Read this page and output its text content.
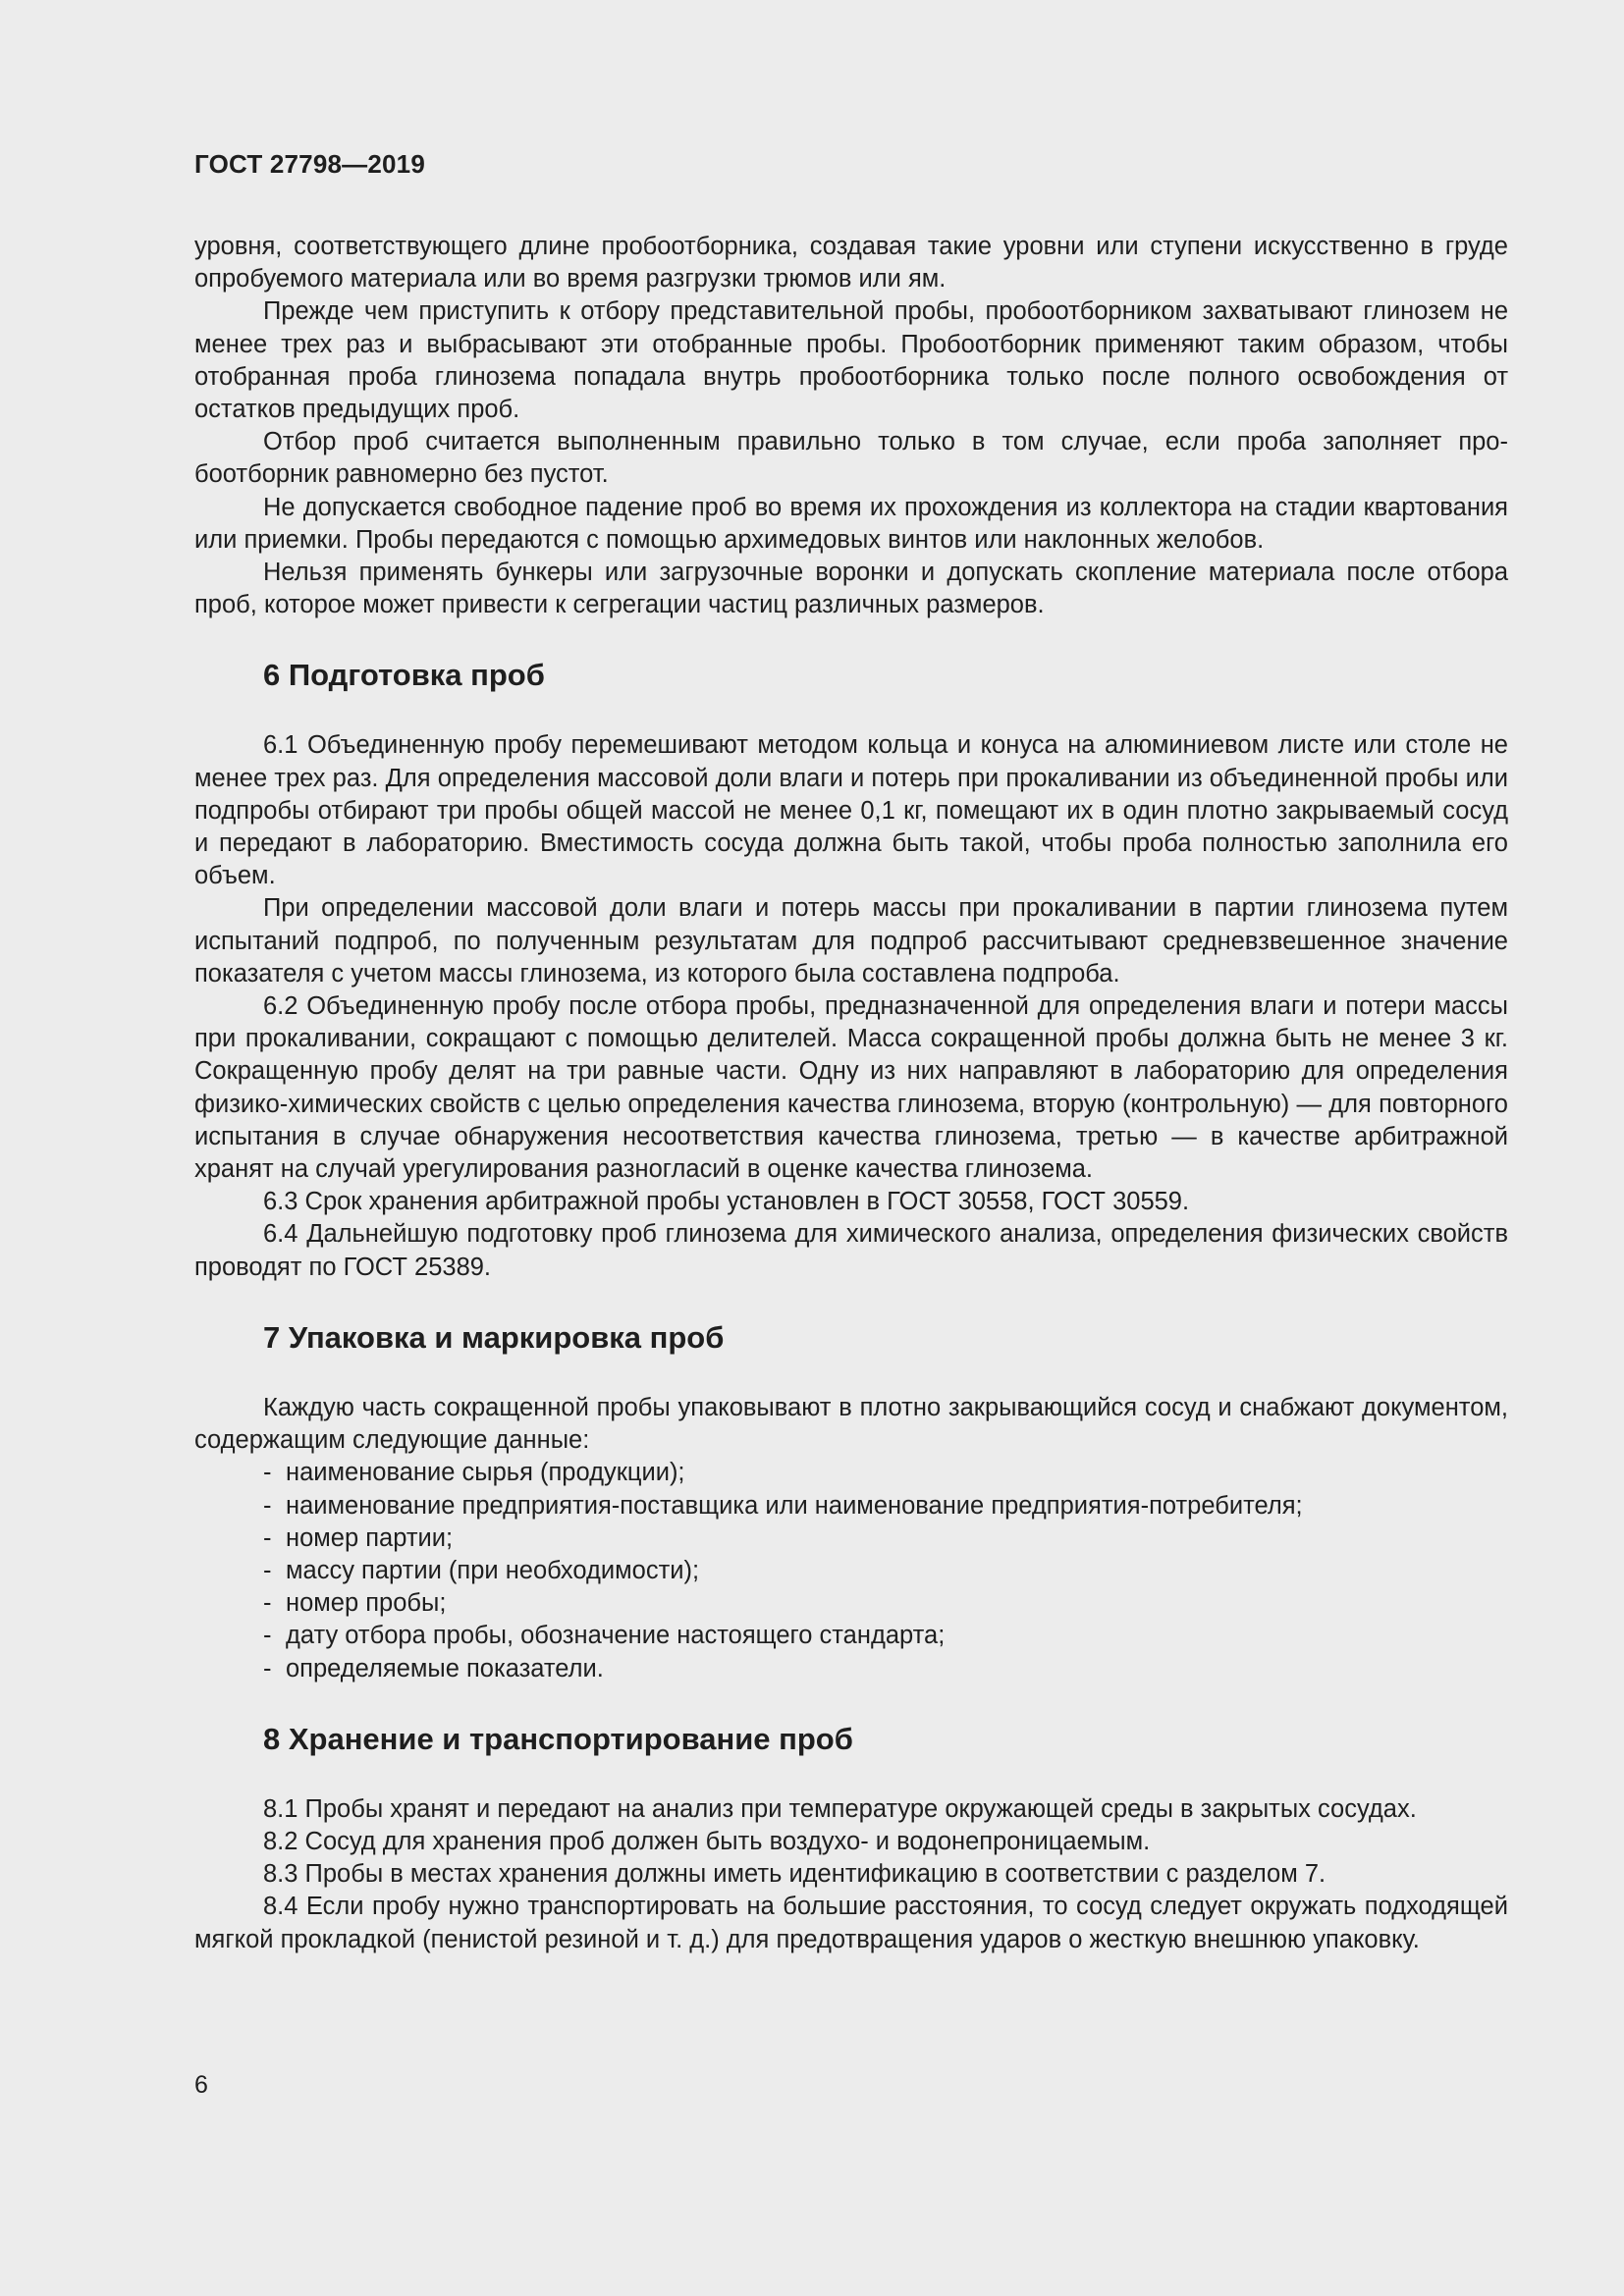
ГОСТ 27798—2019

уровня, соответствующего длине пробоотборника, создавая такие уровни или ступени искусственно в груде опробуемого материала или во время разгрузки трюмов или ям.

Прежде чем приступить к отбору представительной пробы, пробоотборником захватывают глинозем не менее трех раз и выбрасывают эти отобранные пробы. Пробоотборник применяют таким образом, чтобы отобранная проба глинозема попадала внутрь пробоотборника только после полного освобождения от остатков предыдущих проб.

Отбор проб считается выполненным правильно только в том случае, если проба заполняет пробоотборник равномерно без пустот.

Не допускается свободное падение проб во время их прохождения из коллектора на стадии квартования или приемки. Пробы передаются с помощью архимедовых винтов или наклонных желобов.

Нельзя применять бункеры или загрузочные воронки и допускать скопление материала после отбора проб, которое может привести к сегрегации частиц различных размеров.

6 Подготовка проб

6.1 Объединенную пробу перемешивают методом кольца и конуса на алюминиевом листе или столе не менее трех раз. Для определения массовой доли влаги и потерь при прокаливании из объединенной пробы или подпробы отбирают три пробы общей массой не менее 0,1 кг, помещают их в один плотно закрываемый сосуд и передают в лабораторию. Вместимость сосуда должна быть такой, чтобы проба полностью заполнила его объем.

При определении массовой доли влаги и потерь массы при прокаливании в партии глинозема путем испытаний подпроб, по полученным результатам для подпроб рассчитывают средневзвешенное значение показателя с учетом массы глинозема, из которого была составлена подпроба.

6.2 Объединенную пробу после отбора пробы, предназначенной для определения влаги и потери массы при прокаливании, сокращают с помощью делителей. Масса сокращенной пробы должна быть не менее 3 кг. Сокращенную пробу делят на три равные части. Одну из них направляют в лабораторию для определения физико-химических свойств с целью определения качества глинозема, вторую (контрольную) — для повторного испытания в случае обнаружения несоответствия качества глинозема, третью — в качестве арбитражной хранят на случай урегулирования разногласий в оценке качества глинозема.

6.3 Срок хранения арбитражной пробы установлен в ГОСТ 30558, ГОСТ 30559.

6.4 Дальнейшую подготовку проб глинозема для химического анализа, определения физических свойств проводят по ГОСТ 25389.

7 Упаковка и маркировка проб

Каждую часть сокращенной пробы упаковывают в плотно закрывающийся сосуд и снабжают документом, содержащим следующие данные:

- наименование сырья (продукции);
- наименование предприятия-поставщика или наименование предприятия-потребителя;
- номер партии;
- массу партии (при необходимости);
- номер пробы;
- дату отбора пробы, обозначение настоящего стандарта;
- определяемые показатели.
8 Хранение и транспортирование проб

8.1 Пробы хранят и передают на анализ при температуре окружающей среды в закрытых сосудах.

8.2 Сосуд для хранения проб должен быть воздухо- и водонепроницаемым.

8.3 Пробы в местах хранения должны иметь идентификацию в соответствии с разделом 7.

8.4 Если пробу нужно транспортировать на большие расстояния, то сосуд следует окружать подходящей мягкой прокладкой (пенистой резиной и т. д.) для предотвращения ударов о жесткую внешнюю упаковку.

6
